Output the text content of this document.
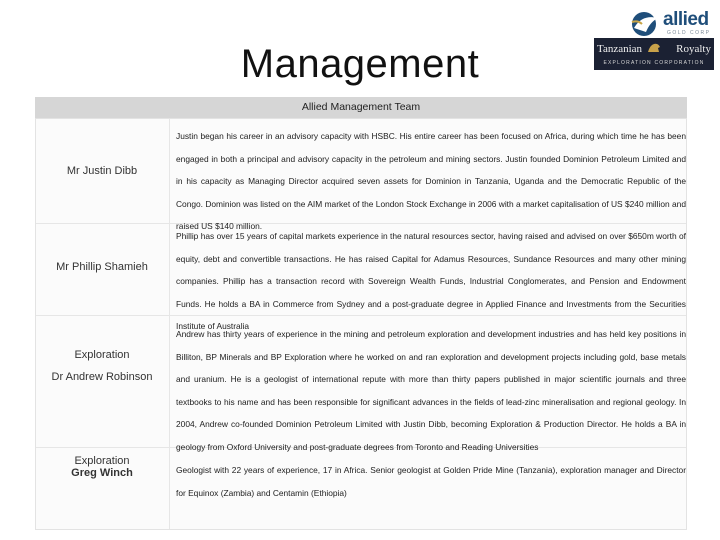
Management
allied
GOLD CORP
Tanzanian	Royalty
EXPLORATION CORPORATION
Allied Management Team
Mr Justin Dibb
Justin began his career in an advisory capacity with HSBC. His entire career has been focused on Africa, during which time he has been engaged in both a principal and advisory capacity in the petroleum and mining sectors. Justin founded Dominion Petroleum Limited and in his capacity as Managing Director acquired seven assets for Dominion in Tanzania, Uganda and the Democratic Republic of the Congo. Dominion was listed on the AIM market of the London Stock Exchange in 2006 with a market capitalisation of US $240 million and raised US $140 million.
Mr Phillip Shamieh
Phillip has over 15 years of capital markets experience in the natural resources sector, having raised and advised on over $650m worth of equity, debt and convertible transactions. He has raised Capital for Adamus Resources, Sundance Resources and many other mining companies. Phillip has a transaction record with Sovereign Wealth Funds, Industrial Conglomerates, and Pension and Endowment Funds. He holds a BA in Commerce from Sydney and a post-graduate degree in Applied Finance and Investments from the Securities Institute of Australia
Exploration
Dr Andrew Robinson
Andrew has thirty years of experience in the mining and petroleum exploration and development industries and has held key positions in Billiton, BP Minerals and BP Exploration where he worked on and ran exploration and development projects including gold, base metals and uranium. He is a geologist of international repute with more than thirty papers published in major scientific journals and three textbooks to his name and has been responsible for significant advances in the fields of lead-zinc mineralisation and regional geology. In 2004, Andrew co-founded Dominion Petroleum Limited with Justin Dibb, becoming Exploration & Production Director. He holds a BA in geology from Oxford University and post-graduate degrees from Toronto and Reading Universities
Exploration
Greg Winch	Geologist with 22 years of experience, 17 in Africa. Senior geologist at Golden Pride Mine (Tanzania), exploration manager and Director for Equinox (Zambia) and Centamin (Ethiopia)
